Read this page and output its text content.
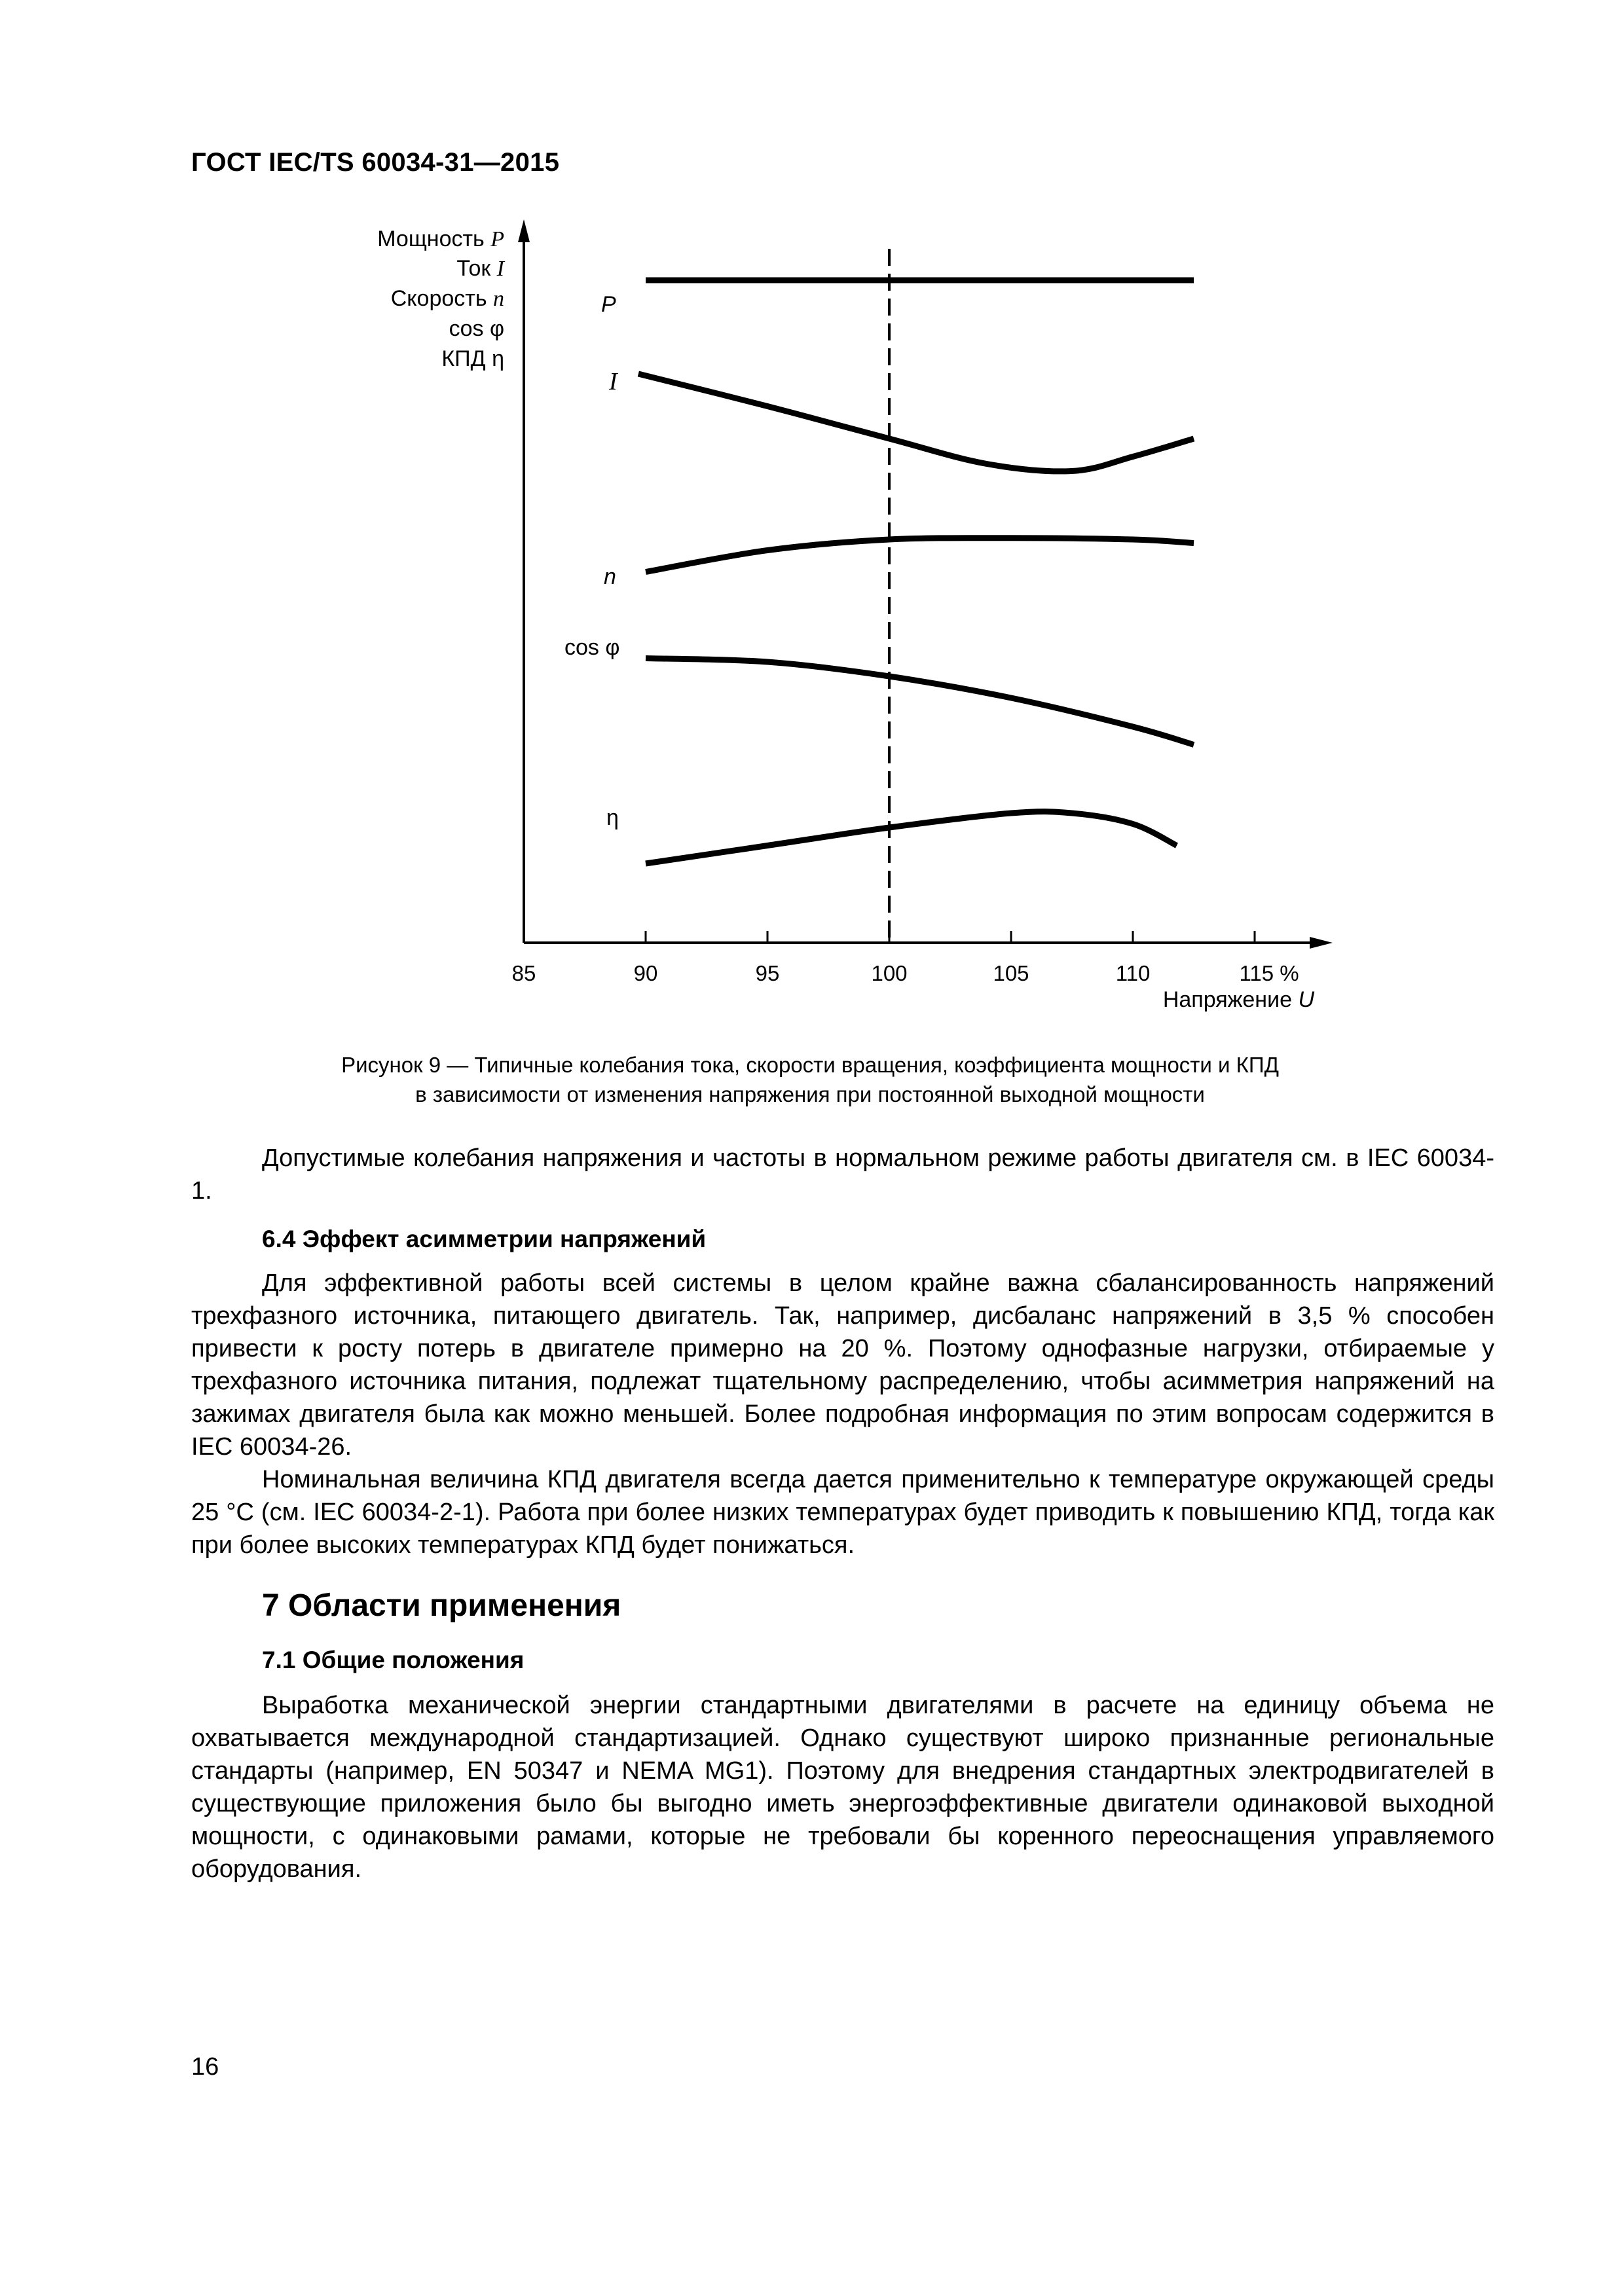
ГОСТ IEC/TS 60034-31—2015
Мощность P
Ток I
Скорость n
cos φ
КПД η
P
I
n
cos φ
η
85	90	95	100	105	110	115 %
Напряжение U
Рисунок 9 — Типичные колебания тока, скорости вращения, коэффициента мощности и КПД
в зависимости от изменения напряжения при постоянной выходной мощности
Допустимые колебания напряжения и частоты в нормальном режиме работы двигателя см. в IEC 60034-1.
6.4 Эффект асимметрии напряжений
Для эффективной работы всей системы в целом крайне важна сбалансированность напряжений трехфазного источника, питающего двигатель. Так, например, дисбаланс напряжений в 3,5 % способен привести к росту потерь в двигателе примерно на 20 %. Поэтому однофазные нагрузки, отбираемые у трехфазного источника питания, подлежат тщательному распределению, чтобы асимметрия напряжений на зажимах двигателя была как можно меньшей. Более подробная информация по этим вопросам содержится в IEC 60034-26.
Номинальная величина КПД двигателя всегда дается применительно к температуре окружающей среды 25 °C (см. IEC 60034-2-1). Работа при более низких температурах будет приводить к повышению КПД, тогда как при более высоких температурах КПД будет понижаться.
7 Области применения
7.1 Общие положения
Выработка механической энергии стандартными двигателями в расчете на единицу объема не охватывается международной стандартизацией. Однако существуют широко признанные региональные стандарты (например, EN 50347 и NEMA MG1). Поэтому для внедрения стандартных электродвигателей в существующие приложения было бы выгодно иметь энергоэффективные двигатели одинаковой выходной мощности, с одинаковыми рамами, которые не требовали бы коренного переоснащения управляемого оборудования.
16
